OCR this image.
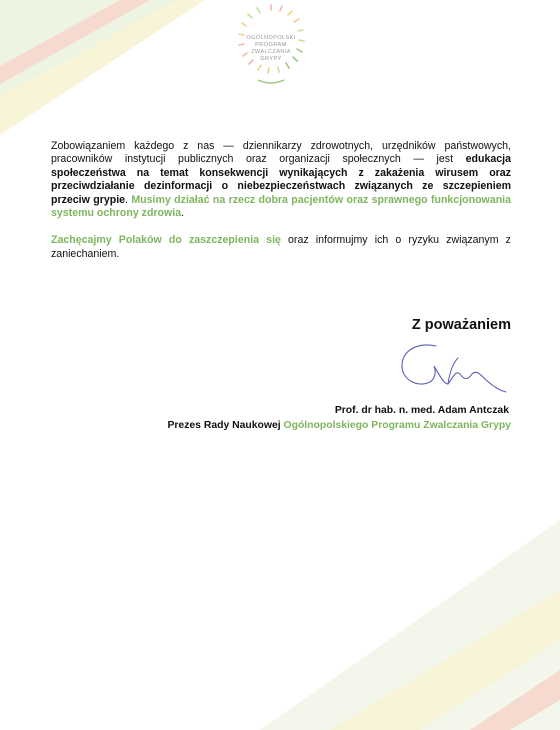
OGÓLNOPOLSKI
PROGRAM
ZWALCZANIA
GRYPY

Zobowiązaniem każdego z nas — dziennikarzy zdrowotnych, urzędników państwowych, pracowników instytucji publicznych oraz organizacji społecznych — jest edukacja społeczeństwa na temat konsekwencji wynikających z zakażenia wirusem oraz przeciwdziałanie dezinformacji o niebezpieczeństwach związanych ze szczepieniem przeciw grypie. Musimy działać na rzecz dobra pacjentów oraz sprawnego funkcjonowania systemu ochrony zdrowia.

Zachęcajmy Polaków do zaszczepienia się oraz informujmy ich o ryzyku związanym z zaniechaniem.

Z poważaniem
Prof. dr hab. n. med. Adam Antczak
Prezes Rady Naukowej Ogólnopolskiego Programu Zwalczania Grypy
